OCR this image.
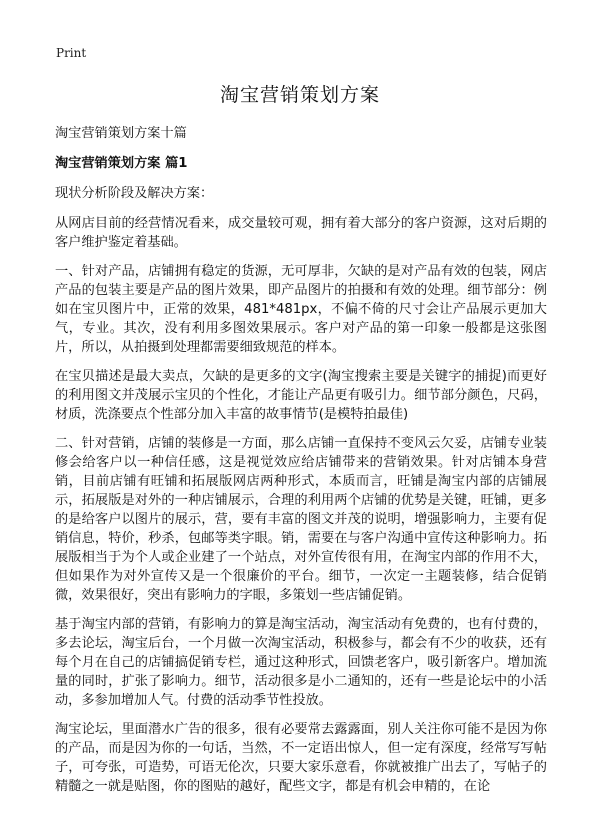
Print
淘宝营销策划方案

淘宝营销策划方案十篇

淘宝营销策划方案 篇1

现状分析阶段及解决方案：

从网店目前的经营情况看来，成交量较可观，拥有着大部分的客户资源，这对后期的客户维护鉴定着基础。

一、针对产品，店铺拥有稳定的货源，无可厚非，欠缺的是对产品有效的包装，网店产品的包装主要是产品的图片效果，即产品图片的拍摄和有效的处理。细节部分：例如在宝贝图片中，正常的效果，481*481px，不偏不倚的尺寸会让产品展示更加大气，专业。其次，没有利用多图效果展示。客户对产品的第一印象一般都是这张图片，所以，从拍摄到处理都需要细致规范的样本。

在宝贝描述是最大卖点，欠缺的是更多的文字(淘宝搜索主要是关键字的捕捉)而更好的利用图文并茂展示宝贝的个性化，才能让产品更有吸引力。细节部分颜色，尺码，材质，洗涤要点个性部分加入丰富的故事情节(是模特拍最佳)

二、针对营销，店铺的装修是一方面，那么店铺一直保持不变风云欠妥，店铺专业装修会给客户以一种信任感，这是视觉效应给店铺带来的营销效果。针对店铺本身营销，目前店铺有旺铺和拓展版网店两种形式，本质而言，旺铺是淘宝内部的店铺展示，拓展版是对外的一种店铺展示，合理的利用两个店铺的优势是关键，旺铺，更多的是给客户以图片的展示，营，要有丰富的图文并茂的说明，增强影响力，主要有促销信息，特价，秒杀，包邮等类字眼。销，需要在与客户沟通中宣传这种影响力。拓展版相当于为个人或企业建了一个站点，对外宣传很有用，在淘宝内部的作用不大，但如果作为对外宣传又是一个很廉价的平台。细节，一次定一主题装修，结合促销微，效果很好，突出有影响力的字眼，多策划一些店铺促销。

基于淘宝内部的营销，有影响力的算是淘宝活动，淘宝活动有免费的，也有付费的，多去论坛，淘宝后台，一个月做一次淘宝活动，积极参与，都会有不少的收获，还有每个月在自己的店铺搞促销专栏，通过这种形式，回馈老客户，吸引新客户。增加流量的同时，扩张了影响力。细节，活动很多是小二通知的，还有一些是论坛中的小活动，多参加增加人气。付费的活动季节性投放。

淘宝论坛，里面潜水广告的很多，很有必要常去露露面，别人关注你可能不是因为你的产品，而是因为你的一句话，当然，不一定语出惊人，但一定有深度，经常写写帖子，可夸张，可造势，可语无伦次，只要大家乐意看，你就被推广出去了，写帖子的精髓之一就是贴图，你的图贴的越好，配些文字，都是有机会申精的，在论
